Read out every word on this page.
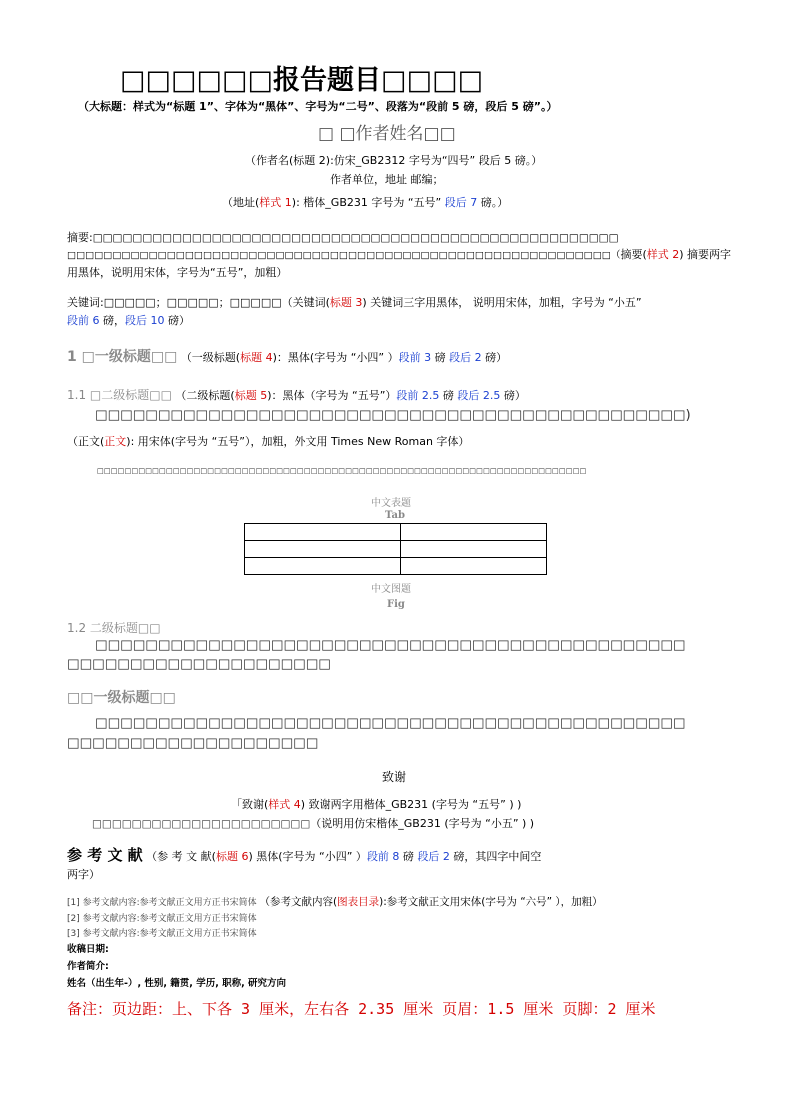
□□□□□□报告题目□□□□
（大标题：样式为“标题 1”、字体为“黑体”、字号为“二号”、段落为“段前 5 磅，段后 5 磅”。）
□ □作者姓名□□
（作者名(标题 2):仿宋_GB2312 字号为“四号” 段后 5 磅。）
作者单位，地址 邮编；
（地址(样式 1): 楷体_GB231 字号为 “五号” 段后 7 磅。）
摘要:□□□□□□□□□□□□□□□□□□□□□□□□□□□□□□□□□□□□□□□□□□□□□□□□□□□□□
□□□□□□□□□□□□□□□□□□□□□□□□□□□□□□□□□□□□□□□□□□□□□□□□□□□□□□□□□□□□（摘要(样式 2) 摘要两字
用黑体，说明用宋体，字号为“五号”，加粗）
关键词:□□□□□；□□□□□；□□□□□（关键词(标题 3) 关键词三字用黑体， 说明用宋体，加粗，字号为 “小五”
段前 6 磅，段后 10 磅）
1 □一级标题□□ （一级标题(标题 4)：黑体(字号为 “小四” ）段前 3 磅 段后 2 磅）
1.1 □二级标题□□ （二级标题(标题 5)：黑体（字号为 “五号”）段前 2.5 磅 段后 2.5 磅）
□□□□□□□□□□□□□□□□□□□□□□□□□□□□□□□□□□□□□□□□□□□□□□□)
（正文(正文): 用宋体(字号为 “五号”），加粗，外文用 Times New Roman 字体）
□□□□□□□□□□□□□□□□□□□□□□□□□□□□□□□□□□□□□□□□□□□□□□□□□□□□□□□□□□□□□□□□□□□□□□□
中文表题
Tab

中文图题
Fig
1.2 二级标题□□
□□□□□□□□□□□□□□□□□□□□□□□□□□□□□□□□□□□□□□□□□□□□□□□
□□□□□□□□□□□□□□□□□□□□□
□□一级标题□□
□□□□□□□□□□□□□□□□□□□□□□□□□□□□□□□□□□□□□□□□□□□□□□□
□□□□□□□□□□□□□□□□□□□□
致谢
「致谢(样式 4) 致谢两字用楷体_GB231 (字号为 “五号” ) )
□□□□□□□□□□□□□□□□□□□□□□（说明用仿宋楷体_GB231 (字号为 “小五” ) )
参 考 文 献 （参 考 文 献(标题 6) 黑体(字号为 “小四” ）段前 8 磅 段后 2 磅，其四字中间空
两字）
[1] 参考文献内容:参考文献正文用方正书宋简体 （参考文献内容(图表目录):参考文献正文用宋体(字号为 “六号” ），加粗）
[2] 参考文献内容:参考文献正文用方正书宋简体
[3] 参考文献内容:参考文献正文用方正书宋简体
收稿日期:
作者简介:
姓名（出生年-）, 性别, 籍贯, 学历, 职称, 研究方向
备注：页边距：上、下各 3 厘米，左右各 2.35 厘米 页眉：1.5 厘米 页脚：2 厘米
